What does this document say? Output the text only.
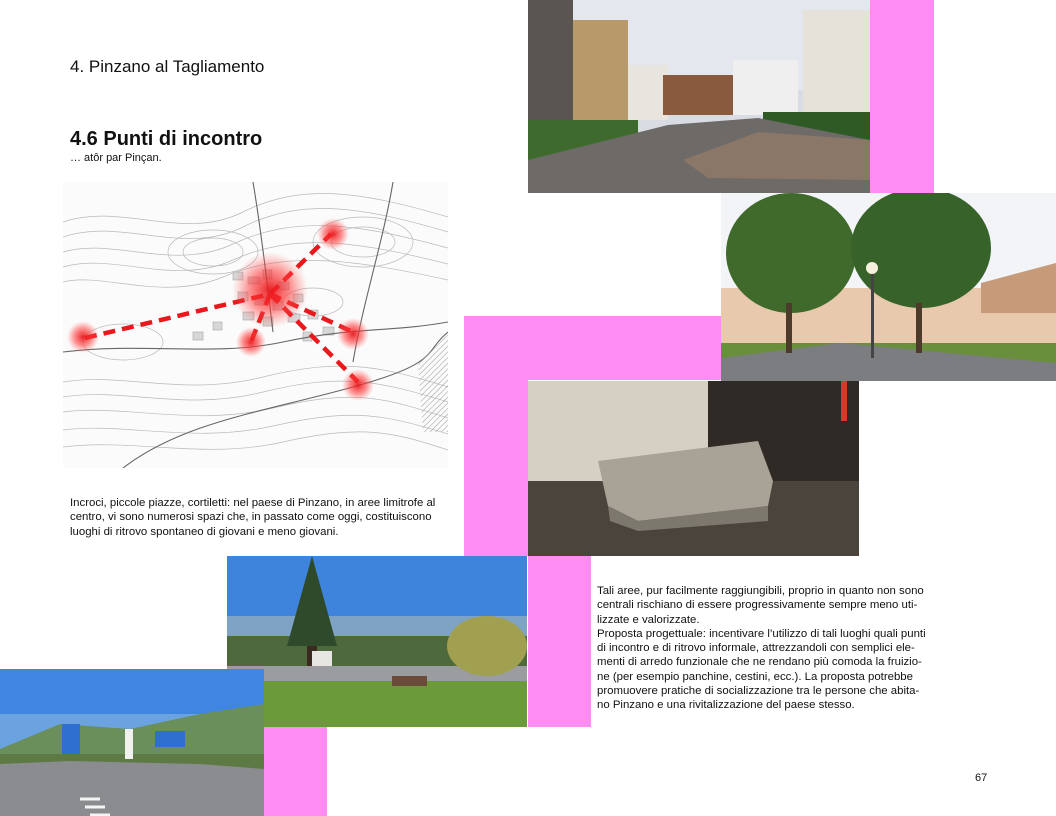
4. Pinzano al Tagliamento
4.6 Punti di incontro
… atôr par Pinçan.
Incroci, piccole piazze, cortiletti: nel paese di Pinzano, in aree limitrofe al centro, vi sono numerosi spazi che, in passato come oggi, costituiscono luoghi di ritrovo spontaneo di giovani e meno giovani.
Tali aree, pur facilmente raggiungibili, proprio in quanto non sono
centrali rischiano di essere progressivamente sempre meno uti-
lizzate e valorizzate.
Proposta progettuale: incentivare l’utilizzo di tali luoghi quali punti
di incontro e di ritrovo informale, attrezzandoli con semplici ele-
menti di arredo funzionale che ne rendano più comoda la fruizio-
ne (per esempio panchine, cestini, ecc.). La proposta potrebbe
promuovere pratiche di socializzazione tra le persone che abita-
no Pinzano e una rivitalizzazione del paese stesso.
67
